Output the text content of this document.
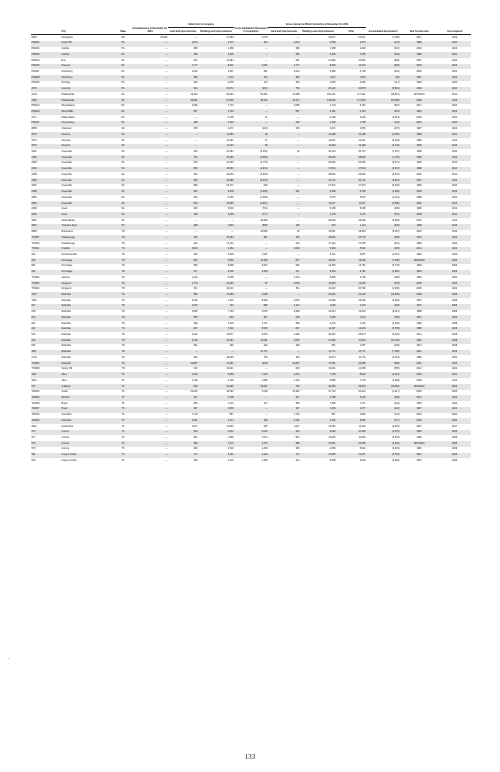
				Initial Cost to Company		Costs Capitalized Subsequent to Acquisition	Gross Amount at Which Carried As of December 31, 2024					
	City	State	Encumbrances at December 31, 2024	Land and improvements	Buildings and improvements		Land and improvements	Buildings and improvements	Total	Accumulated Depreciation	Year Constructed	Year Acquired
5854	Springfield	OR	20,342	—	21,959	1,079	—	22,917	22,917	(7,209)	2017	2022
P60001	Camp Hill	PA	—	1,814	2,375	333	1,814	2,559	4,373	(173)	1980	2024
P60002	Carlisle	PA	—	488	1,468	—	488	1,468	2,248	(116)	2002	2024
P60004	Carlisle	PA	—	456	2,335	—	456	2,335	2,789	(163)	1990	2024
P60014	Erie	PA	—	251	21,584	—	251	21,584	21,835	(806)	2007	2024
P60015	Hanover	PA	—	1,777	8,937	1,081	1,777	9,838	11,615	(526)	2003	2024
P60007	Harrisburg	PA	—	1,000	4,397	331	1,023	4,685	6,708	(422)	2000	2024
P60008	Harrisburg	PA	—	380	1,113	102	380	1,217	1,593	(69)	1997	2024
P60005	Hershey	PA	—	390	2,006	113	390	2,005	3,205	(117)	1994	2024
2370	Limerick	PA	—	923	20,072	(419)	753	20,123	20,878	(5,801)	1994	2014
2234	Philadelphia	PA	—	24,264	99,904	53,251	24,288	153,131	177,421	(46,973)	1975/2019	2014
2468	Philadelphia	PA	—	29,063	97,646	38,118	26,174	133,090	177,035	(50,583)	2008	2015
P60013	West Easton	PA	—	2,065	7,714	—	2,065	7,714	9,781	(597)	2017	2024
P60016	West Mifflin	PA	—	557	2,155	—	557	2,161	4,130	(201)	1992	2024
2717	Wilkes-Barre	PA	—	—	9,138	11	—	9,149	9,149	(2,913)	2003	2014
P60011	Wyomissing	PA	—	298	1,418	—	298	1,418	1,708	(102)	2002	2024
2899	Anderson	SC	—	405	1,271	(102)	230	1,271	1,654	(270)	1997	2022
2573	Florence	SC	—	—	12,090	99	—	12,188	12,188	(3,390)	1998	2014
2574	Florence	SC	—	—	12,191	37	—	12,227	12,227	(3,433)	1998	2014
2575	Florence	SC	—	—	11,243	96	—	11,299	11,299	(3,140)	1995	2014
2481	Greenville	SC	—	404	26,394	(3,281)	10	30,724	30,737	(7,187)	1998	2014
2482	Greenville	SC	—	794	43,295	(3,659)	—	58,628	58,628	(7,133)	1999	2014
2483	Greenville	SC	—	646	22,239	(2,779)	—	20,060	20,060	(5,974)	1990	2014
2484	Greenville	SC	—	806	18,069	(1,931)	—	17,844	17,844	(2,947)	1998	2014
2485	Greenville	SC	—	932	40,879	(3,349)	—	38,562	38,562	(6,224)	2005	2014
2486	Greenville	SC	—	990	30,486	(3,678)	—	32,712	32,712	(5,831)	2007	2014
2487	Greenville	SC	—	890	30,472	200	—	27,272	27,272	(5,264)	1996	2014
2488	Greenville	SC	—	231	6,505	(4,000)	231	5,495	5,796	(1,048)	2008	2014
2855	Greenville	SC	—	516	6,450	(1,308)	—	5,576	5,576	(1,231)	1998	2014
2854	Greenville	SC	—	824	13,665	(2,812)	—	11,017	11,017	(2,680)	1992	2014
2489	Greer	SC	—	330	3,016	(791)	—	5,005	5,005	(149)	1995	2014
2490	Greer	SC	—	195	3,836	(777)	—	3,178	3,178	(570)	2008	2014
2862	Myrtle Beach	SC	—	—	—	28,490	—	28,490	28,490	(5,509)	2015	2014
2851	Travelers Rest	SC	—	498	1,813	(599)	199	915	1,114	(309)	1998	2014
2869	Brentwood	TN	—	—	—	18,663	32	18,631	18,663	(5,467)	2020	2014
T70007	Chattanooga	TN	—	195	16,394	381	195	16,615	16,770	(335)	1970	2024
T70010	Chattanooga	TN	—	223	17,412	—	223	17,412	17,635	(513)	1983	2024
T70011	Franklin	TN	—	3,694	5,484	—	3,694	5,484	8,540	(293)	2014	2024
624	Hendersonville	TN	—	256	3,936	1,597	—	5,141	5,567	(1,497)	1993	2000
559	Hermitage	TN	—	830	5,854	13,283	837	18,232	19,069	(7,838)	1999/2019	2003
561	Hermitage	TN	—	596	9,898	4,827	596	14,335	14,751	(5,775)	1990	2003
562	Hermitage	TN	—	317	6,528	2,930	317	9,464	9,781	(4,965)	1994	2003
T70002	Jackson	TN	—	1,124	5,658	—	1,124	5,835	6,738	(198)	1983	2024
T70003	Kingsport	TN	—	2,770	16,300	57	2,635	16,300	13,200	(276)	2005	2022
T70012	Kingsport	TN	—	511	40,213	—	511	40,213	40,782	(1,940)	2000	2024
4227	Nashville	TN	—	955	14,289	9,058	—	23,346	24,302	(16,045)	2000	2006
1105	Nashville	TN	—	2,050	1,322	8,984	2,050	13,398	15,245	(6,320)	1997	2008
627	Nashville	TN	—	1,007	143	986	1,113	1,062	2,175	(448)	1975	2006
628	Nashville	TN	—	2,980	7,164	2,678	2,980	10,024	13,814	(6,021)	1988	2008
630	Nashville	TN	—	535	848	351	648	1,065	1,714	(780)	1972	2006
631	Nashville	TN	—	268	1,300	1,171	268	2,470	2,742	(1,206)	1980	2008
632	Nashville	TN	—	827	7,042	5,005	827	11,207	12,034	(5,789)	1989	2008
633	Nashville	TN	—	3,422	32,577	5,876	3,428	38,407	25,873	(9,430)	1971	2008
634	Nashville	TN	—	3,430	33,183	12,081	3,835	27,346	31,084	(10,793)	1992	2008
636	Nashville	TN	—	361	406	422	408	591	1,057	(449)	1974	2008
2867	Nashville	TN	—	—	—	14,771	—	14,771	14,771	(7,380)	2021	2019
2720	Nashville	TN	—	302	18,925	749	152	11,674	11,776	(2,415)	1980	2021
T70005	Nashville	TN	—	10,857	17,661	(238)	10,857	17,451	10,588	(988)	2011	2024
T70008	Spring Hill	TN	—	620	13,021	—	620	13,021	14,469	(655)	2012	2024
2611	Allen	TX	—	1,330	5,960	1,233	1,374	7,148	8,522	(2,021)	2004	2014
2612	Allen	TX	—	1,130	4,165	1,685	1,130	5,848	7,178	(1,899)	2005	2014
573	Arlington	TX	—	508	32,395	29,061	790	36,256	39,033	(16,683)	1993/2022	2000
T20025	Austin	TX	—	22,003	35,462	1,003	22,392	37,710	60,412	(1,617)	2000	2024
T20030	Bedford	TX	—	427	4,798	—	427	4,798	5,225	(339)	2014	2024
T20028	Bryan	TX	—	355	7,013	373	355	7,386	7,271	(244)	1986	2024
T20027	Bryan	TX	—	397	4,090	—	397	4,090	4,277	(222)	1997	2024
T20013	Carrollton	TX	—	1,733	857	—	1,733	857	2,540	(111)	2001	2024
T20023	Carrollton	TX	—	3,461	3,214	300	3,461	3,419	8,880	(477)	2002	2024
2921	Cedar Park	TX	—	1,617	13,060	945	1,617	12,595	14,202	(2,570)	2007	2017
574	Conroe	TX	—	324	4,842	5,020	324	9,862	10,186	(4,373)	1983	2006
577	Conroe	TX	—	597	7,966	2,973	597	10,939	11,536	(5,542)	1995	2006
578	Conroe	TX	—	380	7,073	2,276	380	10,251	10,559	(4,430)	1997/2022	2006
579	Conroe	TX	—	499	3,419	1,236	499	4,894	5,042	(2,015)	1995	2006
581	Corpus Christi	TX	—	717	4,181	4,429	717	12,638	13,227	(5,702)	1997	2006
600	Corpus Christi	TX	—	328	3,210	2,458	324	5,608	5,994	(2,606)	1997	2006
.
133
